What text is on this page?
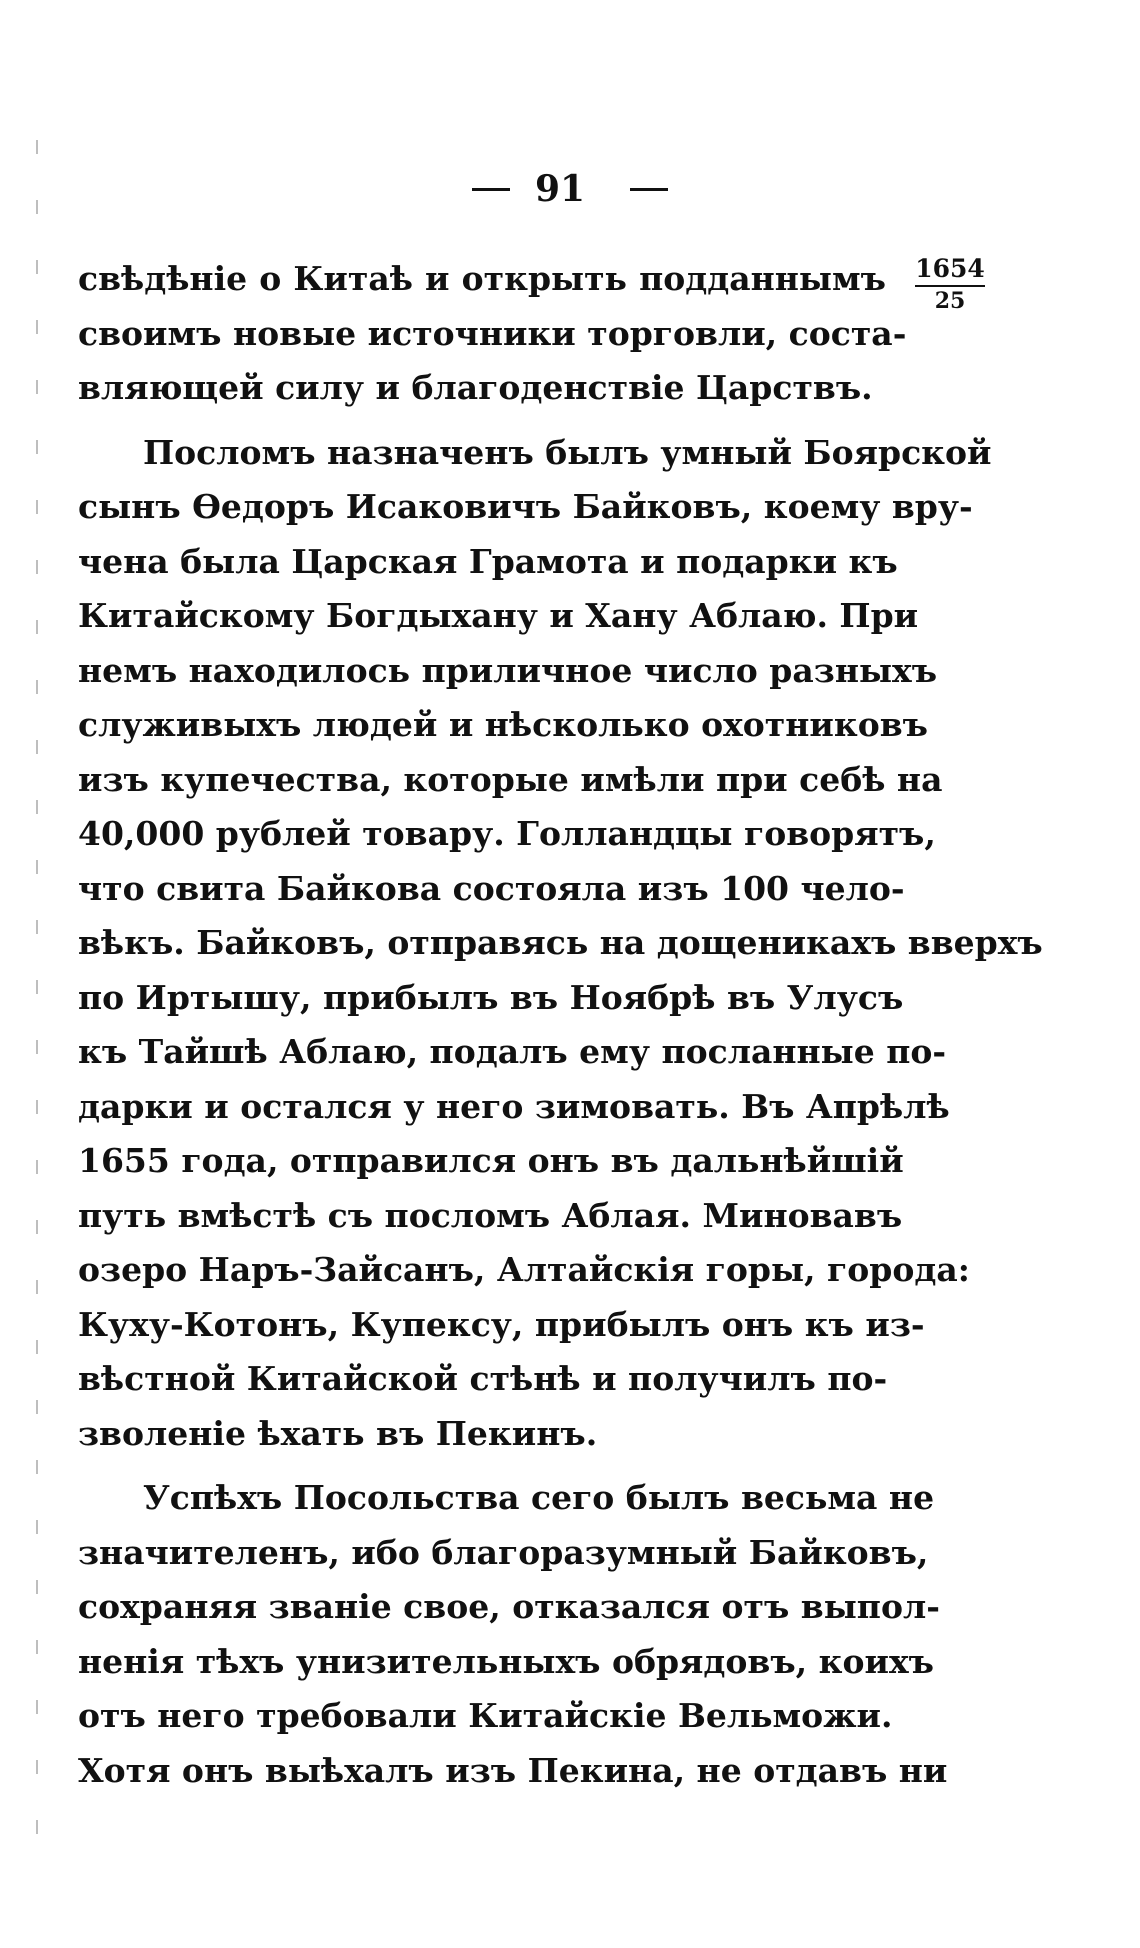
91
1654
25
свѣдѣніе о Китаѣ и открыть подданнымъ
своимъ новые источники торговли, соста-
вляющей силу и благоденствіе Царствъ.
Посломъ назначенъ былъ умный Боярской
сынъ Ѳедоръ Исаковичъ Байковъ, коему вру-
чена была Царская Грамота и подарки къ
Китайскому Богдыхану и Хану Аблаю. При
немъ находилось приличное число разныхъ
служивыхъ людей и нѣсколько охотниковъ
изъ купечества, которые имѣли при себѣ на
40,000 рублей товару. Голландцы говорятъ,
что свита Байкова состояла изъ 100 чело-
вѣкъ. Байковъ, отправясь на дощеникахъ вверхъ
по Иртышу, прибылъ въ Ноябрѣ въ Улусъ
къ Тайшѣ Аблаю, подалъ ему посланные по-
дарки и остался у него зимовать. Въ Апрѣлѣ
1655 года, отправился онъ въ дальнѣйшій
путь вмѣстѣ съ посломъ Аблая. Миновавъ
озеро Наръ-Зайсанъ, Алтайскія горы, города:
Куху-Котонъ, Купексу, прибылъ онъ къ из-
вѣстной Китайской стѣнѣ и получилъ по-
зволеніе ѣхать въ Пекинъ.
Успѣхъ Посольства сего былъ весьма не
значителенъ, ибо благоразумный Байковъ,
сохраняя званіе свое, отказался отъ выпол-
ненія тѣхъ унизительныхъ обрядовъ, коихъ
отъ него требовали Китайскіе Вельможи.
Хотя онъ выѣхалъ изъ Пекина, не отдавъ ни
